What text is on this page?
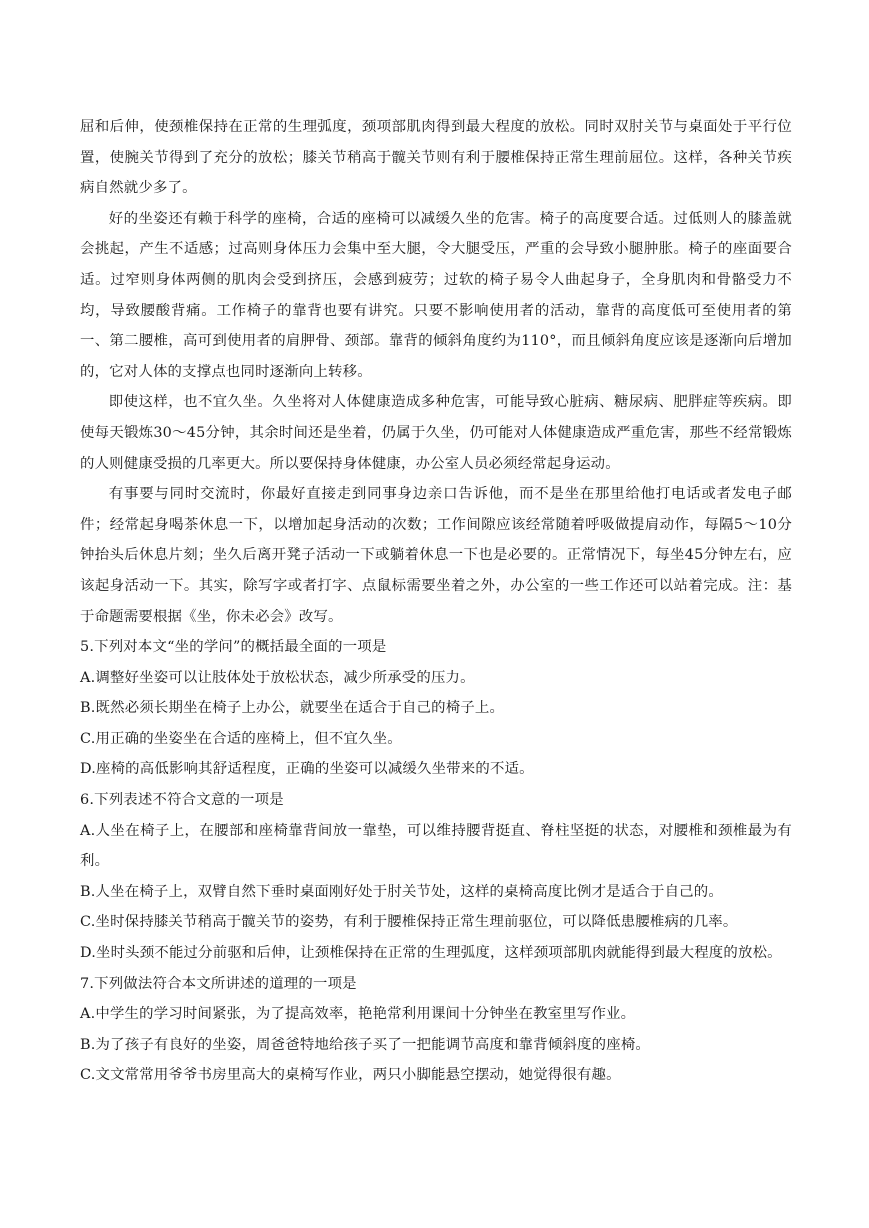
屈和后伸，使颈椎保持在正常的生理弧度，颈项部肌肉得到最大程度的放松。同时双肘关节与桌面处于平行位置，使腕关节得到了充分的放松；膝关节稍高于髋关节则有利于腰椎保持正常生理前屈位。这样，各种关节疾病自然就少多了。

好的坐姿还有赖于科学的座椅，合适的座椅可以减缓久坐的危害。椅子的高度要合适。过低则人的膝盖就会挑起，产生不适感；过高则身体压力会集中至大腿，令大腿受压，严重的会导致小腿肿胀。椅子的座面要合适。过窄则身体两侧的肌肉会受到挤压，会感到疲劳；过软的椅子易令人曲起身子，全身肌肉和骨骼受力不均，导致腰酸背痛。工作椅子的靠背也要有讲究。只要不影响使用者的活动，靠背的高度低可至使用者的第一、第二腰椎，高可到使用者的肩胛骨、颈部。靠背的倾斜角度约为110°，而且倾斜角度应该是逐渐向后增加的，它对人体的支撑点也同时逐渐向上转移。

即使这样，也不宜久坐。久坐将对人体健康造成多种危害，可能导致心脏病、糖尿病、肥胖症等疾病。即使每天锻炼30～45分钟，其余时间还是坐着，仍属于久坐，仍可能对人体健康造成严重危害，那些不经常锻炼的人则健康受损的几率更大。所以要保持身体健康，办公室人员必须经常起身运动。

有事要与同时交流时，你最好直接走到同事身边亲口告诉他，而不是坐在那里给他打电话或者发电子邮件；经常起身喝茶休息一下，以增加起身活动的次数；工作间隙应该经常随着呼吸做提肩动作，每隔5～10分钟抬头后休息片刻；坐久后离开凳子活动一下或躺着休息一下也是必要的。正常情况下，每坐45分钟左右，应该起身活动一下。其实，除写字或者打字、点鼠标需要坐着之外，办公室的一些工作还可以站着完成。注：基于命题需要根据《坐，你未必会》改写。

5.下列对本文“坐的学问”的概括最全面的一项是

A.调整好坐姿可以让肢体处于放松状态，减少所承受的压力。

B.既然必须长期坐在椅子上办公，就要坐在适合于自己的椅子上。

C.用正确的坐姿坐在合适的座椅上，但不宜久坐。

D.座椅的高低影响其舒适程度，正确的坐姿可以减缓久坐带来的不适。

6.下列表述不符合文意的一项是

A.人坐在椅子上，在腰部和座椅靠背间放一靠垫，可以维持腰背挺直、脊柱坚挺的状态，对腰椎和颈椎最为有利。

B.人坐在椅子上，双臂自然下垂时桌面刚好处于肘关节处，这样的桌椅高度比例才是适合于自己的。

C.坐时保持膝关节稍高于髋关节的姿势，有利于腰椎保持正常生理前驱位，可以降低患腰椎病的几率。

D.坐时头颈不能过分前驱和后伸，让颈椎保持在正常的生理弧度，这样颈项部肌肉就能得到最大程度的放松。

7.下列做法符合本文所讲述的道理的一项是

A.中学生的学习时间紧张，为了提高效率，艳艳常利用课间十分钟坐在教室里写作业。

B.为了孩子有良好的坐姿，周爸爸特地给孩子买了一把能调节高度和靠背倾斜度的座椅。

C.文文常常用爷爷书房里高大的桌椅写作业，两只小脚能悬空摆动，她觉得很有趣。
